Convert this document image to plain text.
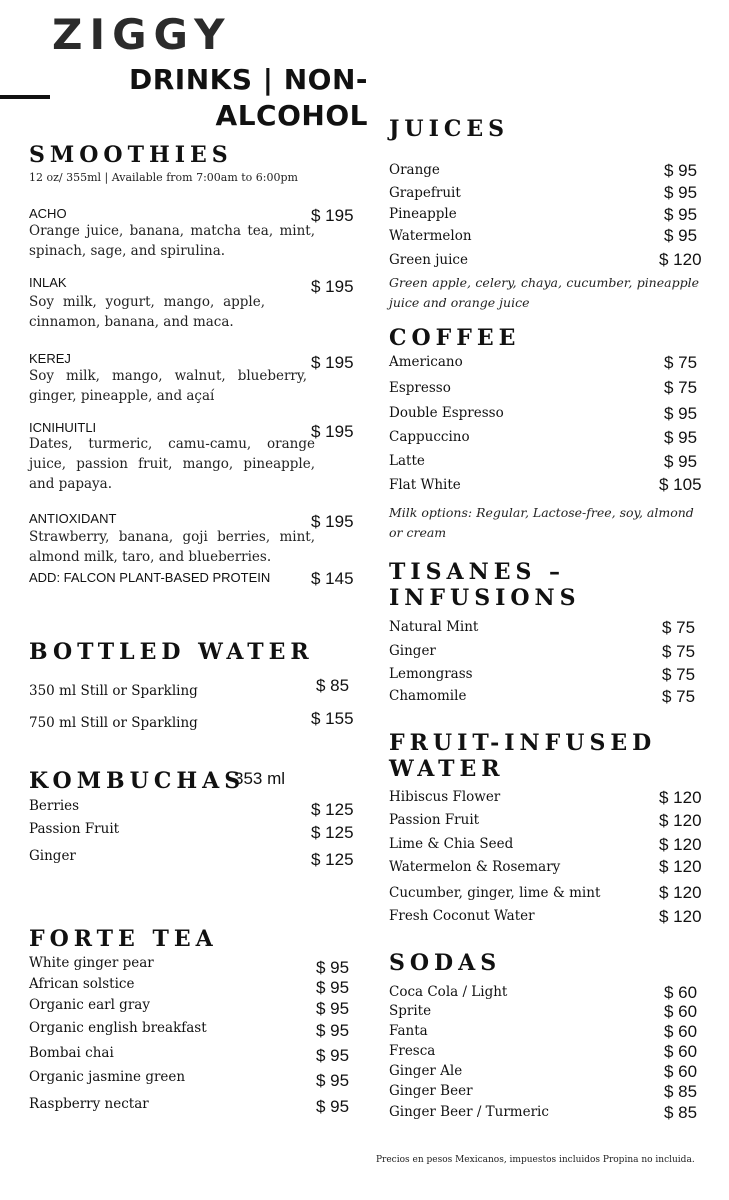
ZIGGY
DRINKS | NON-
ALCOHOL
SMOOTHIES
12 oz/ 355ml | Available from 7:00am to 6:00pm
ACHO	$ 195
Orange juice, banana, matcha tea, mint, spinach, sage, and spirulina.
INLAK	$ 195
Soy milk, yogurt, mango, apple, cinnamon, banana, and maca.
KEREJ	$ 195
Soy milk, mango, walnut, blueberry, ginger, pineapple, and açaí
ICNIHUITLI	$ 195
Dates, turmeric, camu-camu, orange juice, passion fruit, mango, pineapple, and papaya.
ANTIOXIDANT	$ 195
Strawberry, banana, goji berries, mint, almond milk, taro, and blueberries.
ADD: FALCON PLANT-BASED PROTEIN $ 145
BOTTLED WATER
350 ml Still or Sparkling	$ 85
750 ml Still or Sparkling	$ 155
KOMBUCHAS
353 ml
Berries	$ 125
Passion Fruit	$ 125
Ginger	$ 125
FORTE TEA
White ginger pear	$ 95
African solstice	$ 95
Organic earl gray	$ 95
Organic english breakfast	$ 95
Bombai chai	$ 95
Organic jasmine green	$ 95
Raspberry nectar	$ 95
JUICES
Orange	$ 95
Grapefruit	$ 95
Pineapple	$ 95
Watermelon	$ 95
Green juice	$ 120
Green apple, celery, chaya, cucumber, pineapple juice and orange juice
COFFEE
Americano	$ 75
Espresso	$ 75
Double Espresso	$ 95
Cappuccino	$ 95
Latte	$ 95
Flat White	$ 105
Milk options: Regular, Lactose-free, soy, almond or cream
TISANES –
INFUSIONS
Natural Mint	$ 75
Ginger	$ 75
Lemongrass	$ 75
Chamomile	$ 75
FRUIT-INFUSED
WATER
Hibiscus Flower	$ 120
Passion Fruit	$ 120
Lime & Chia Seed	$ 120
Watermelon & Rosemary	$ 120
Cucumber, ginger, lime & mint	$ 120
Fresh Coconut Water	$ 120
SODAS
Coca Cola / Light	$ 60
Sprite	$ 60
Fanta	$ 60
Fresca	$ 60
Ginger Ale	$ 60
Ginger Beer	$ 85
Ginger Beer / Turmeric	$ 85
Precios en pesos Mexicanos, impuestos incluidos Propina no incluida.
